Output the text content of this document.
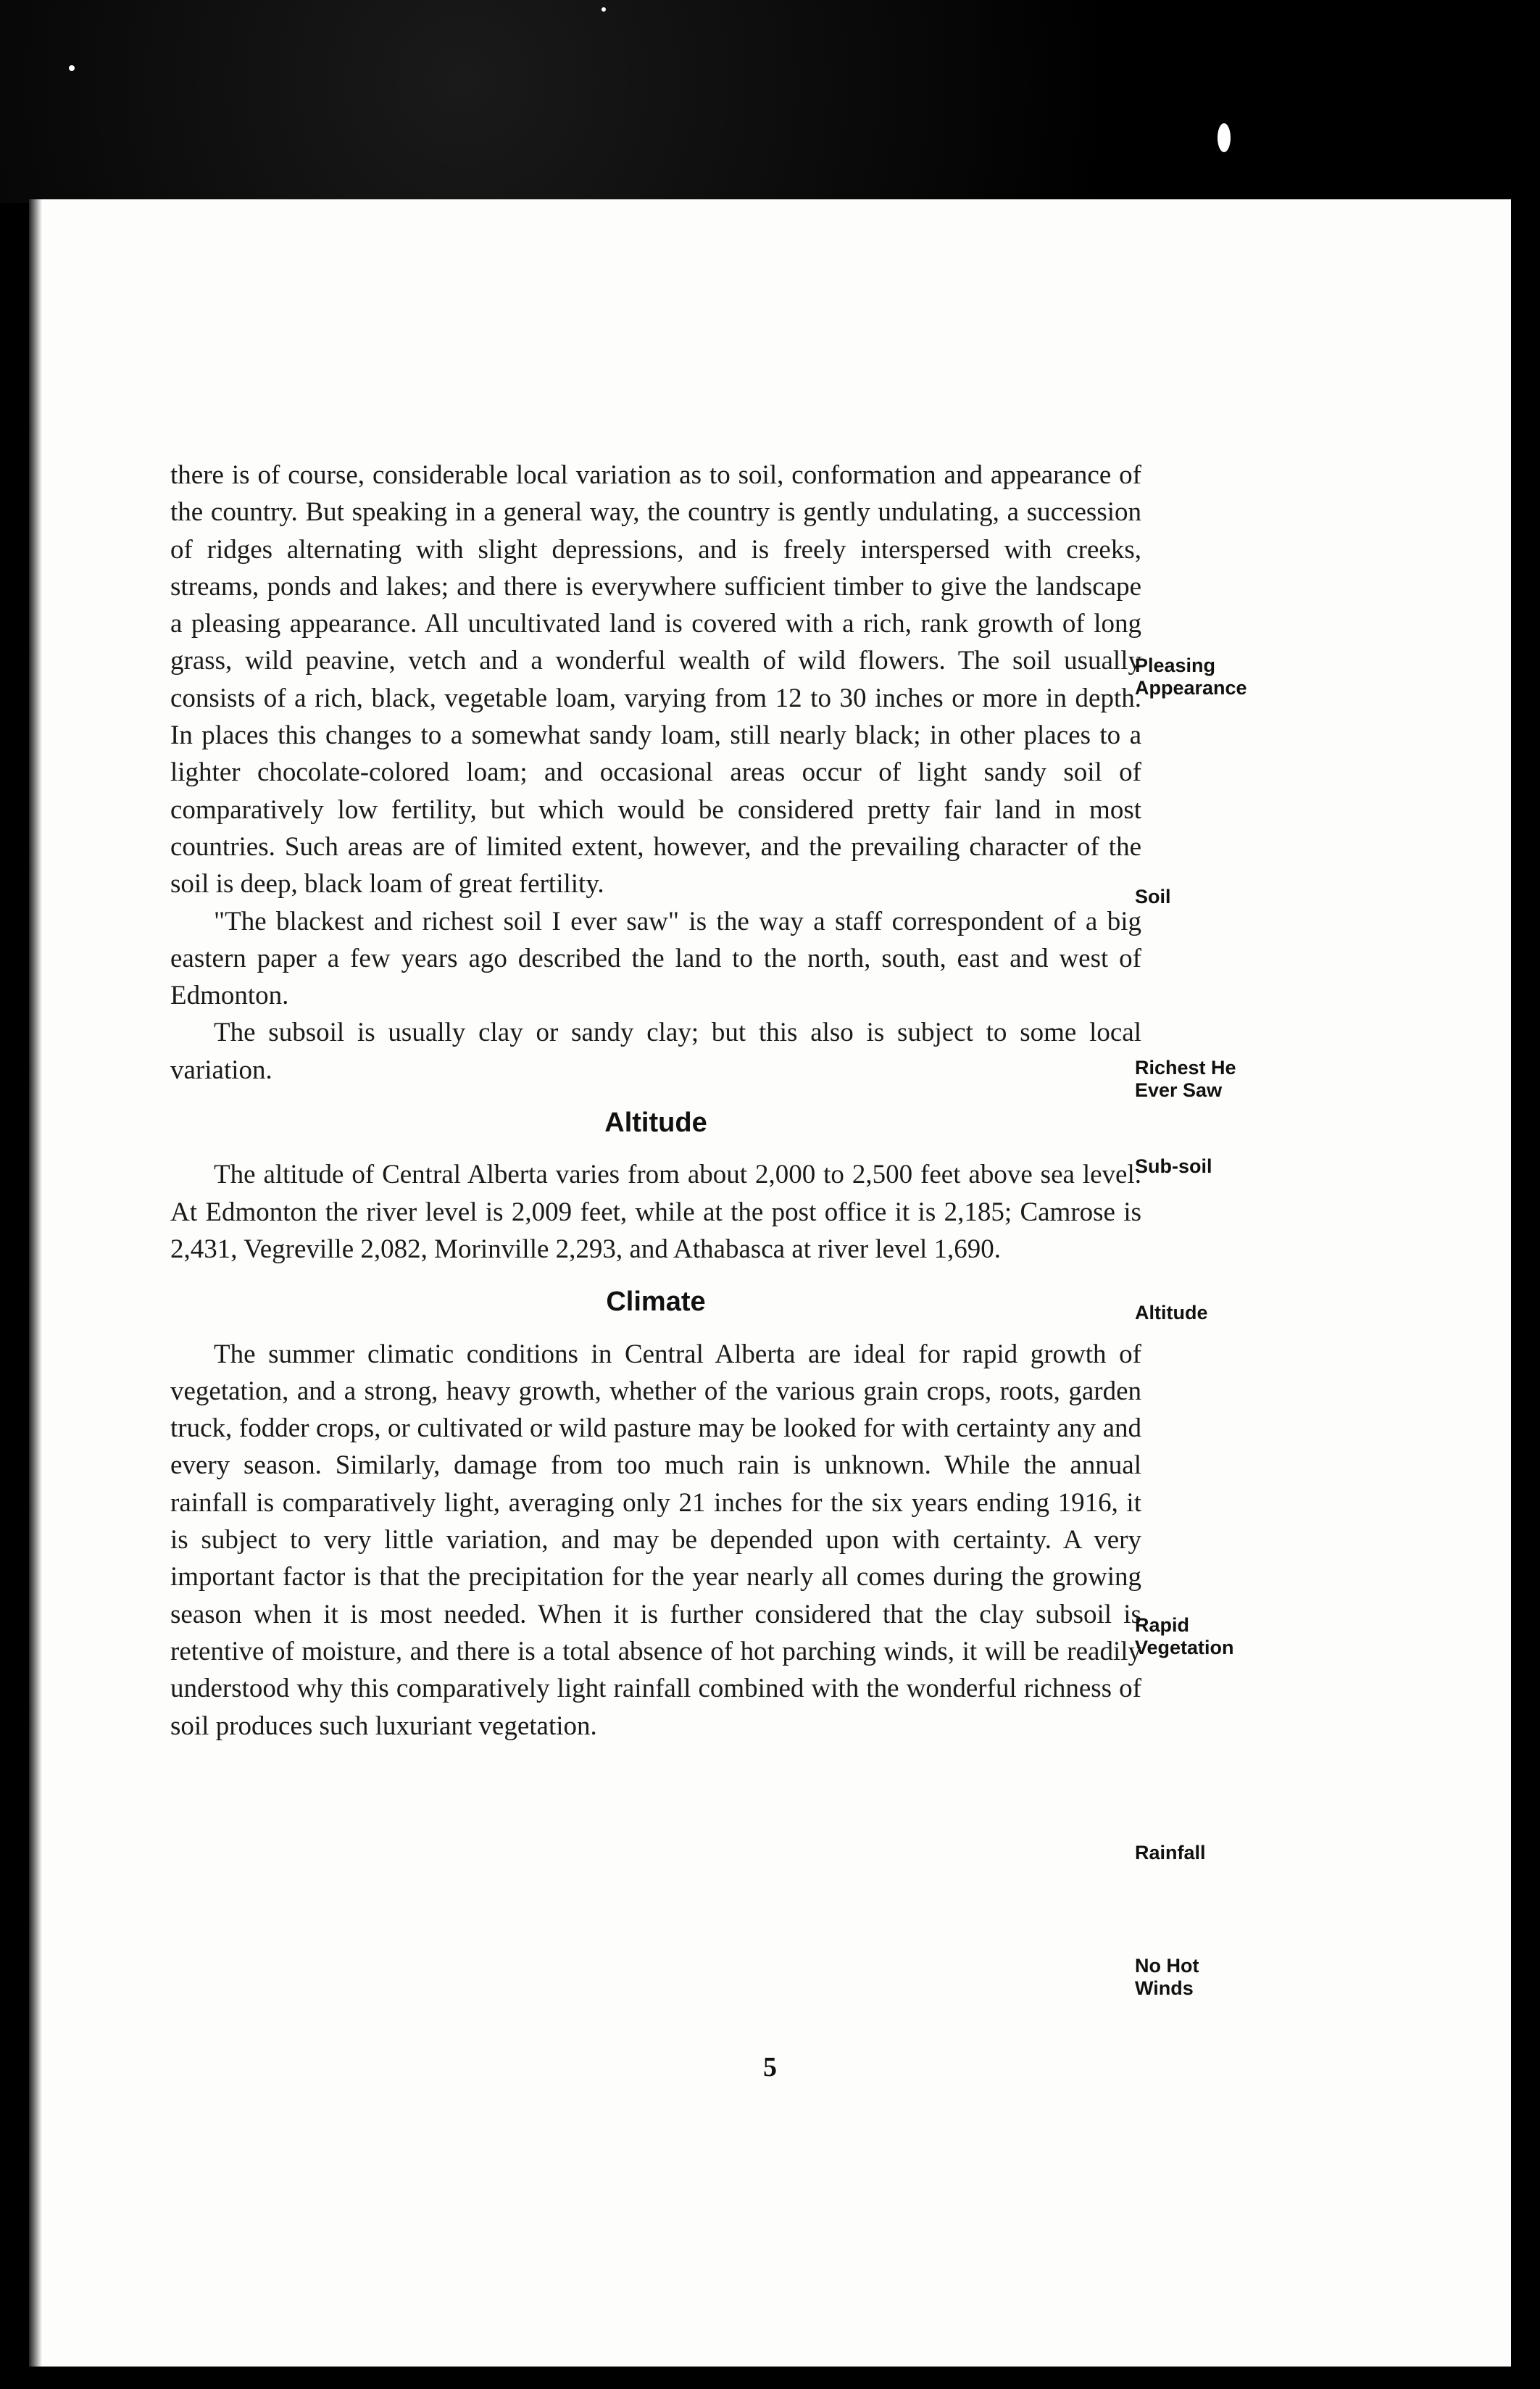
there is of course, considerable local variation as to soil, conformation and appearance of the country. But speaking in a general way, the country is gently undulating, a succession of ridges alternating with slight depressions, and is freely interspersed with creeks, streams, ponds and lakes; and there is everywhere sufficient timber to give the landscape a pleasing appearance. All uncultivated land is covered with a rich, rank growth of long grass, wild peavine, vetch and a wonderful wealth of wild flowers. The soil usually consists of a rich, black, vegetable loam, varying from 12 to 30 inches or more in depth. In places this changes to a somewhat sandy loam, still nearly black; in other places to a lighter chocolate-colored loam; and occasional areas occur of light sandy soil of comparatively low fertility, but which would be considered pretty fair land in most countries. Such areas are of limited extent, however, and the prevailing character of the soil is deep, black loam of great fertility.

"The blackest and richest soil I ever saw" is the way a staff correspondent of a big eastern paper a few years ago described the land to the north, south, east and west of Edmonton.

The subsoil is usually clay or sandy clay; but this also is subject to some local variation.

Altitude

The altitude of Central Alberta varies from about 2,000 to 2,500 feet above sea level. At Edmonton the river level is 2,009 feet, while at the post office it is 2,185; Camrose is 2,431, Vegreville 2,082, Morinville 2,293, and Athabasca at river level 1,690.

Climate

The summer climatic conditions in Central Alberta are ideal for rapid growth of vegetation, and a strong, heavy growth, whether of the various grain crops, roots, garden truck, fodder crops, or cultivated or wild pasture may be looked for with certainty any and every season. Similarly, damage from too much rain is unknown. While the annual rainfall is comparatively light, averaging only 21 inches for the six years ending 1916, it is subject to very little variation, and may be depended upon with certainty. A very important factor is that the precipitation for the year nearly all comes during the growing season when it is most needed. When it is further considered that the clay subsoil is retentive of moisture, and there is a total absence of hot parching winds, it will be readily understood why this comparatively light rainfall combined with the wonderful richness of soil produces such luxuriant vegetation.

Pleasing
Appearance
Soil
Richest He
Ever Saw
Sub-soil
Altitude
Rapid
Vegetation
Rainfall
No Hot
Winds
5
